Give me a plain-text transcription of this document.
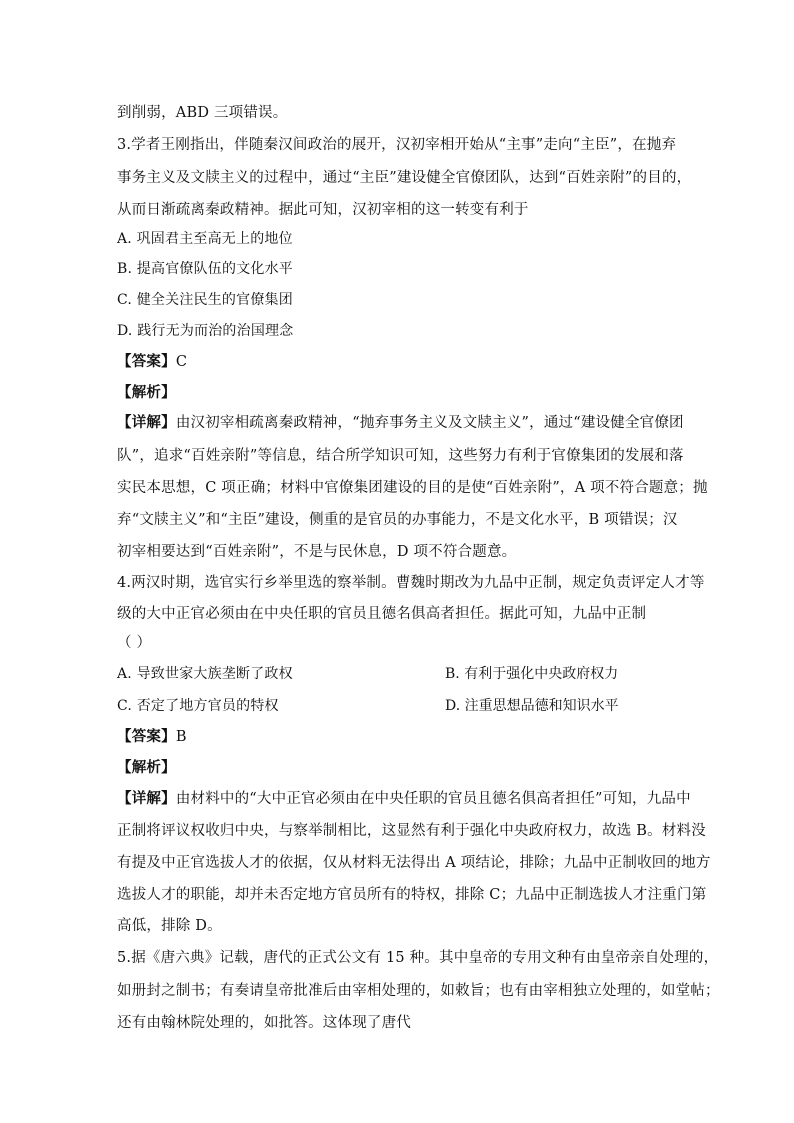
到削弱，ABD 三项错误。
3.学者王刚指出，伴随秦汉间政治的展开，汉初宰相开始从“主事”走向“主臣”，在抛弃
事务主义及文牍主义的过程中，通过“主臣”建设健全官僚团队，达到“百姓亲附”的目的，
从而日渐疏离秦政精神。据此可知，汉初宰相的这一转变有利于
A. 巩固君主至高无上的地位
B. 提高官僚队伍的文化水平
C. 健全关注民生的官僚集团
D. 践行无为而治的治国理念
【答案】C
【解析】
【详解】由汉初宰相疏离秦政精神，“抛弃事务主义及文牍主义”，通过“建设健全官僚团
队”，追求“百姓亲附”等信息，结合所学知识可知，这些努力有利于官僚集团的发展和落
实民本思想，C 项正确；材料中官僚集团建设的目的是使“百姓亲附”，A 项不符合题意；抛
弃“文牍主义”和“主臣”建设，侧重的是官员的办事能力，不是文化水平，B 项错误；汉
初宰相要达到“百姓亲附”，不是与民休息，D 项不符合题意。
4.两汉时期，选官实行乡举里选的察举制。曹魏时期改为九品中正制，规定负责评定人才等
级的大中正官必须由在中央任职的官员且德名俱高者担任。据此可知，九品中正制
（ ）
A. 导致世家大族垄断了政权	B. 有利于强化中央政府权力
C. 否定了地方官员的特权	D. 注重思想品德和知识水平
【答案】B
【解析】
【详解】由材料中的“大中正官必须由在中央任职的官员且德名俱高者担任”可知，九品中
正制将评议权收归中央，与察举制相比，这显然有利于强化中央政府权力，故选 B。材料没
有提及中正官选拔人才的依据，仅从材料无法得出 A 项结论，排除；九品中正制收回的地方
选拔人才的职能，却并未否定地方官员所有的特权，排除 C；九品中正制选拔人才注重门第
高低，排除 D。
5.据《唐六典》记载，唐代的正式公文有 15 种。其中皇帝的专用文种有由皇帝亲自处理的，
如册封之制书；有奏请皇帝批准后由宰相处理的，如敕旨；也有由宰相独立处理的，如堂帖；
还有由翰林院处理的，如批答。这体现了唐代
